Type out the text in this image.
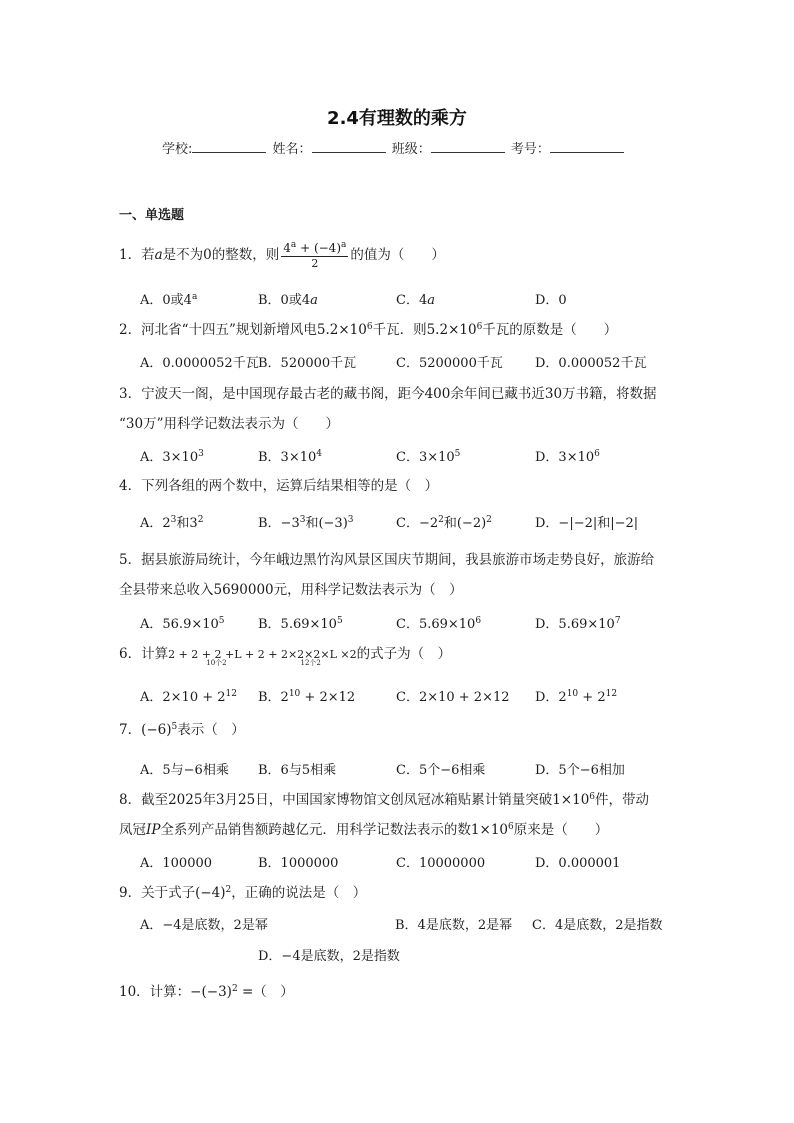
2.4有理数的乘方
学校:	姓名：	班级：	考号：
一、单选题
1．若a是不为0的整数，则 $\frac{4^a + (-4)^a}{2}$ 的值为（　　）
A．0或4$^a$	B．0或4a	C．4a	D．0
2．河北省“十四五”规划新增风电$5.2\times 10^6$千瓦．则$5.2\times 10^6$千瓦的原数是（　　）
A．0.0000052千瓦 B．520000千瓦	C．5200000千瓦 D．0.000052千瓦
3．宁波天一阁，是中国现存最古老的藏书阁，距今400余年间已藏书近30万书籍，将数据
“30万”用科学记数法表示为（　　）
A．$3\times 10^3$	B．$3\times 10^4$	C．$3\times 10^5$	D．$3\times 10^6$
4．下列各组的两个数中，运算后结果相等的是（　）
A．$2^3$和$3^2$	B．$-3^3$和$(-3)^3$	C．$-2^2$和$(-2)^2$	D．−|−2|和|−2|
5．据县旅游局统计，今年峨边黑竹沟风景区国庆节期间，我县旅游市场走势良好，旅游给
全县带来总收入5690000元，用科学记数法表示为（　）
A．$56.9\times 10^5$	B．$5.69\times 10^5$	C．$5.69\times 10^6$	D．$5.69\times 10^7$
6．计算2 + 2 + 2 +L + 2
10个2
+ 2×2×2×L ×2
12个2
的式子为（　）
A．$2\times 10 + 2^{12}$ B．$2^{10} + 2\times 12$	C．2×10 + 2×12 D．$2^{10} + 2^{12}$
7．$(-6)^5$表示（　）
A．5与−6相乘 B．6与5相乘	C．5个−6相乘	D．5个−6相加
8．截至2025年3月25日，中国国家博物馆文创凤冠冰箱贴累计销量突破$1\times 10^6$件，带动
凤冠IP全系列产品销售额跨越亿元．用科学记数法表示的数$1\times 10^6$原来是（　　）
A．100000	B．1000000	C．10000000	D．0.000001
9．关于式子$(-4)^2$，正确的说法是（　）
A．−4是底数，2是幂	B．4是底数，2是幂 C．4是底数，2是指数
D．−4是底数，2是指数
10．计算：$-(-3)^2$ =（　）
